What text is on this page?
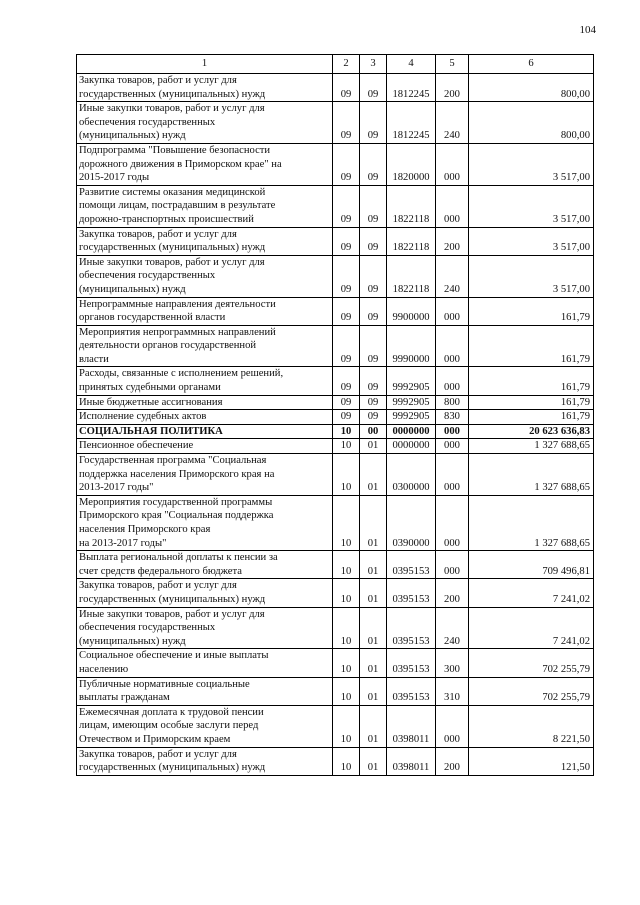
104
1	2	3	4	5	6
Закупка товаров, работ и услуг для
государственных (муниципальных) нужд	09	09	1812245	200	800,00
Иные закупки товаров, работ и услуг для
обеспечения государственных
(муниципальных) нужд	09	09	1812245	240	800,00
Подпрограмма "Повышение безопасности
дорожного движения в Приморском крае" на
2015-2017 годы	09	09	1820000	000	3 517,00
Развитие системы оказания медицинской
помощи лицам, пострадавшим в результате
дорожно-транспортных происшествий	09	09	1822118	000	3 517,00
Закупка товаров, работ и услуг для
государственных (муниципальных) нужд	09	09	1822118	200	3 517,00
Иные закупки товаров, работ и услуг для
обеспечения государственных
(муниципальных) нужд	09	09	1822118	240	3 517,00
Непрограммные направления деятельности
органов государственной власти	09	09	9900000	000	161,79
Мероприятия непрограммных направлений
деятельности органов государственной
власти	09	09	9990000	000	161,79
Расходы, связанные с исполнением решений,
принятых судебными органами	09	09	9992905	000	161,79
Иные бюджетные ассигнования	09	09	9992905	800	161,79
Исполнение судебных актов	09	09	9992905	830	161,79
СОЦИАЛЬНАЯ ПОЛИТИКА	10	00	0000000	000	20 623 636,83
Пенсионное обеспечение	10	01	0000000	000	1 327 688,65
Государственная программа "Социальная
поддержка населения Приморского края на
2013-2017 годы"	10	01	0300000	000	1 327 688,65
Мероприятия государственной программы
Приморского края "Социальная поддержка
населения Приморского края
на 2013-2017 годы"	10	01	0390000	000	1 327 688,65
Выплата региональной доплаты к пенсии за
счет средств федерального бюджета	10	01	0395153	000	709 496,81
Закупка товаров, работ и услуг для
государственных (муниципальных) нужд	10	01	0395153	200	7 241,02
Иные закупки товаров, работ и услуг для
обеспечения государственных
(муниципальных) нужд	10	01	0395153	240	7 241,02
Социальное обеспечение и иные выплаты
населению	10	01	0395153	300	702 255,79
Публичные нормативные социальные
выплаты гражданам	10	01	0395153	310	702 255,79
Ежемесячная доплата к трудовой пенсии
лицам, имеющим особые заслуги перед
Отечеством и Приморским краем	10	01	0398011	000	8 221,50
Закупка товаров, работ и услуг для
государственных (муниципальных) нужд	10	01	0398011	200	121,50
